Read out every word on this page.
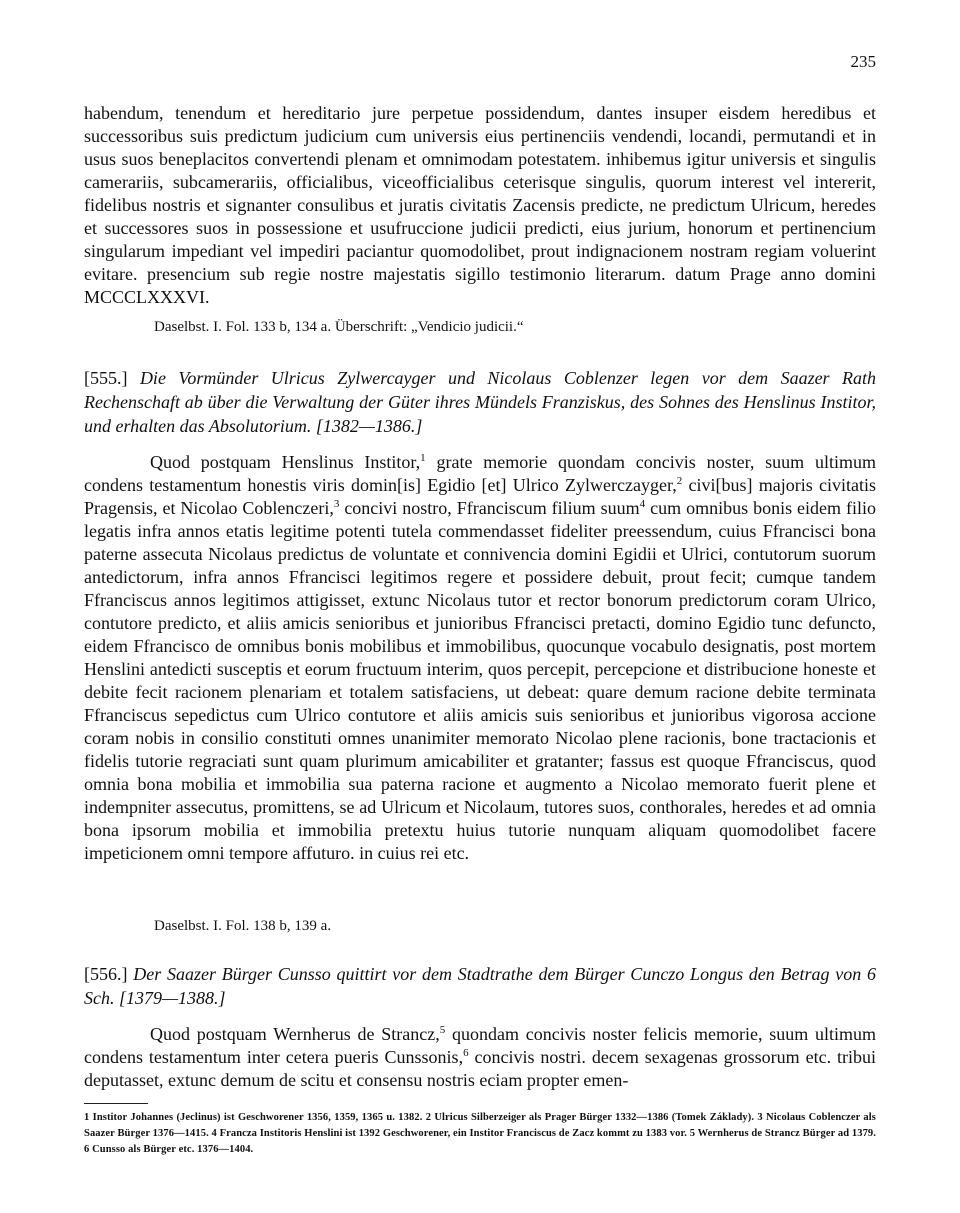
235

habendum, tenendum et hereditario jure perpetue possidendum, dantes insuper eisdem heredibus et successoribus suis predictum judicium cum universis eius pertinenciis vendendi, locandi, permutandi et in usus suos beneplacitos convertendi plenam et omnimodam potestatem. inhibemus igitur universis et singulis camerariis, subcamerariis, officialibus, viceofficialibus ceterisque singulis, quorum interest vel intererit, fidelibus nostris et signanter consulibus et juratis civitatis Zacensis predicte, ne predictum Ulricum, heredes et successores suos in possessione et usufruccione judicii predicti, eius jurium, honorum et pertinencium singularum impediant vel impediri paciantur quomodolibet, prout indignacionem nostram regiam voluerint evitare. presencium sub regie nostre majestatis sigillo testimonio literarum. datum Prage anno domini MCCCLXXXVI.

Daselbst. I. Fol. 133 b, 134 a. Überschrift: „Vendicio judicii.“
[555.] Die Vormünder Ulricus Zylwercayger und Nicolaus Coblenzer legen vor dem Saazer Rath Rechenschaft ab über die Verwaltung der Güter ihres Mündels Franziskus, des Sohnes des Henslinus Institor, und erhalten das Absolutorium. [1382—1386.]

Quod postquam Henslinus Institor,$^1$ grate memorie quondam concivis noster, suum ultimum condens testamentum honestis viris domin[is] Egidio [et] Ulrico Zylwerczayger,$^2$ civi[bus] majoris civitatis Pragensis, et Nicolao Coblenczeri,$^3$ concivi nostro, Ffranciscum filium suum$^4$ cum omnibus bonis eidem filio legatis infra annos etatis legitime potenti tutela commendasset fideliter preessendum, cuius Ffrancisci bona paterne assecuta Nicolaus predictus de voluntate et connivencia domini Egidii et Ulrici, contutorum suorum antedictorum, infra annos Ffrancisci legitimos regere et possidere debuit, prout fecit; cumque tandem Ffranciscus annos legitimos attigisset, extunc Nicolaus tutor et rector bonorum predictorum coram Ulrico, contutore predicto, et aliis amicis senioribus et junioribus Ffrancisci pretacti, domino Egidio tunc defuncto, eidem Ffrancisco de omnibus bonis mobilibus et immobilibus, quocunque vocabulo designatis, post mortem Henslini antedicti susceptis et eorum fructuum interim, quos percepit, percepcione et distribucione honeste et debite fecit racionem plenariam et totalem satisfaciens, ut debeat: quare demum racione debite terminata Ffranciscus sepedictus cum Ulrico contutore et aliis amicis suis senioribus et junioribus vigorosa accione coram nobis in consilio constituti omnes unanimiter memorato Nicolao plene racionis, bone tractacionis et fidelis tutorie regraciati sunt quam plurimum amicabiliter et gratanter; fassus est quoque Ffranciscus, quod omnia bona mobilia et immobilia sua paterna racione et augmento a Nicolao memorato fuerit plene et indempniter assecutus, promittens, se ad Ulricum et Nicolaum, tutores suos, conthorales, heredes et ad omnia bona ipsorum mobilia et immobilia pretextu huius tutorie nunquam aliquam quomodolibet facere impeticionem omni tempore affuturo. in cuius rei etc.

Daselbst. I. Fol. 138 b, 139 a.
[556.] Der Saazer Bürger Cunsso quittirt vor dem Stadtrathe dem Bürger Cunczo Longus den Betrag von 6 Sch. [1379—1388.]

Quod postquam Wernherus de Strancz,$^5$ quondam concivis noster felicis memorie, suum ultimum condens testamentum inter cetera pueris Cunssonis,$^6$ concivis nostri. decem sexagenas grossorum etc. tribui deputasset, extunc demum de scitu et consensu nostris eciam propter emen-

1 Institor Johannes (Jeclinus) ist Geschworener 1356, 1359, 1365 u. 1382. 2 Ulricus Silberzeiger als Prager Bürger 1332—1386 (Tomek Základy). 3 Nicolaus Coblenczer als Saazer Bürger 1376—1415. 4 Francza Institoris Henslini ist 1392 Geschworener, ein Institor Franciscus de Zacz kommt zu 1383 vor. 5 Wernherus de Strancz Bürger ad 1379. 6 Cunsso als Bürger etc. 1376—1404.
